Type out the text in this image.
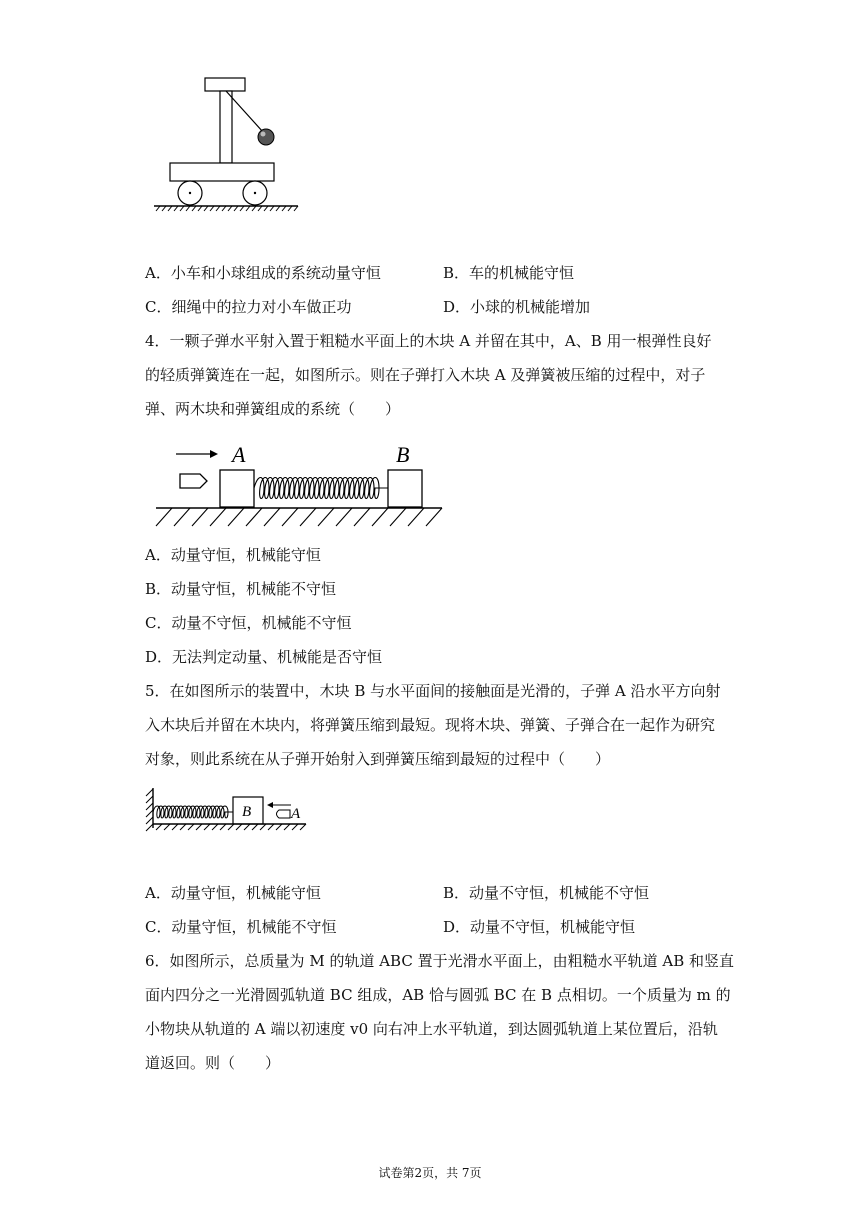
A．小车和小球组成的系统动量守恒	B．车的机械能守恒
C．细绳中的拉力对小车做正功	D．小球的机械能增加
4．一颗子弹水平射入置于粗糙水平面上的木块 A 并留在其中，A、B 用一根弹性良好
的轻质弹簧连在一起，如图所示。则在子弹打入木块 A 及弹簧被压缩的过程中，对子
弹、两木块和弹簧组成的系统（　　）
A	B
A．动量守恒，机械能守恒
B．动量守恒，机械能不守恒
C．动量不守恒，机械能不守恒
D．无法判定动量、机械能是否守恒
5．在如图所示的装置中，木块 B 与水平面间的接触面是光滑的，子弹 A 沿水平方向射
入木块后并留在木块内，将弹簧压缩到最短。现将木块、弹簧、子弹合在一起作为研究
对象，则此系统在从子弹开始射入到弹簧压缩到最短的过程中（　　）
B	A
A．动量守恒，机械能守恒	B．动量不守恒，机械能不守恒
C．动量守恒，机械能不守恒	D．动量不守恒，机械能守恒
6．如图所示，总质量为 M 的轨道 ABC 置于光滑水平面上，由粗糙水平轨道 AB 和竖直
面内四分之一光滑圆弧轨道 BC 组成，AB 恰与圆弧 BC 在 B 点相切。一个质量为 m 的
小物块从轨道的 A 端以初速度 v0 向右冲上水平轨道，到达圆弧轨道上某位置后，沿轨
道返回。则（　　）
试卷第2页，共 7页
